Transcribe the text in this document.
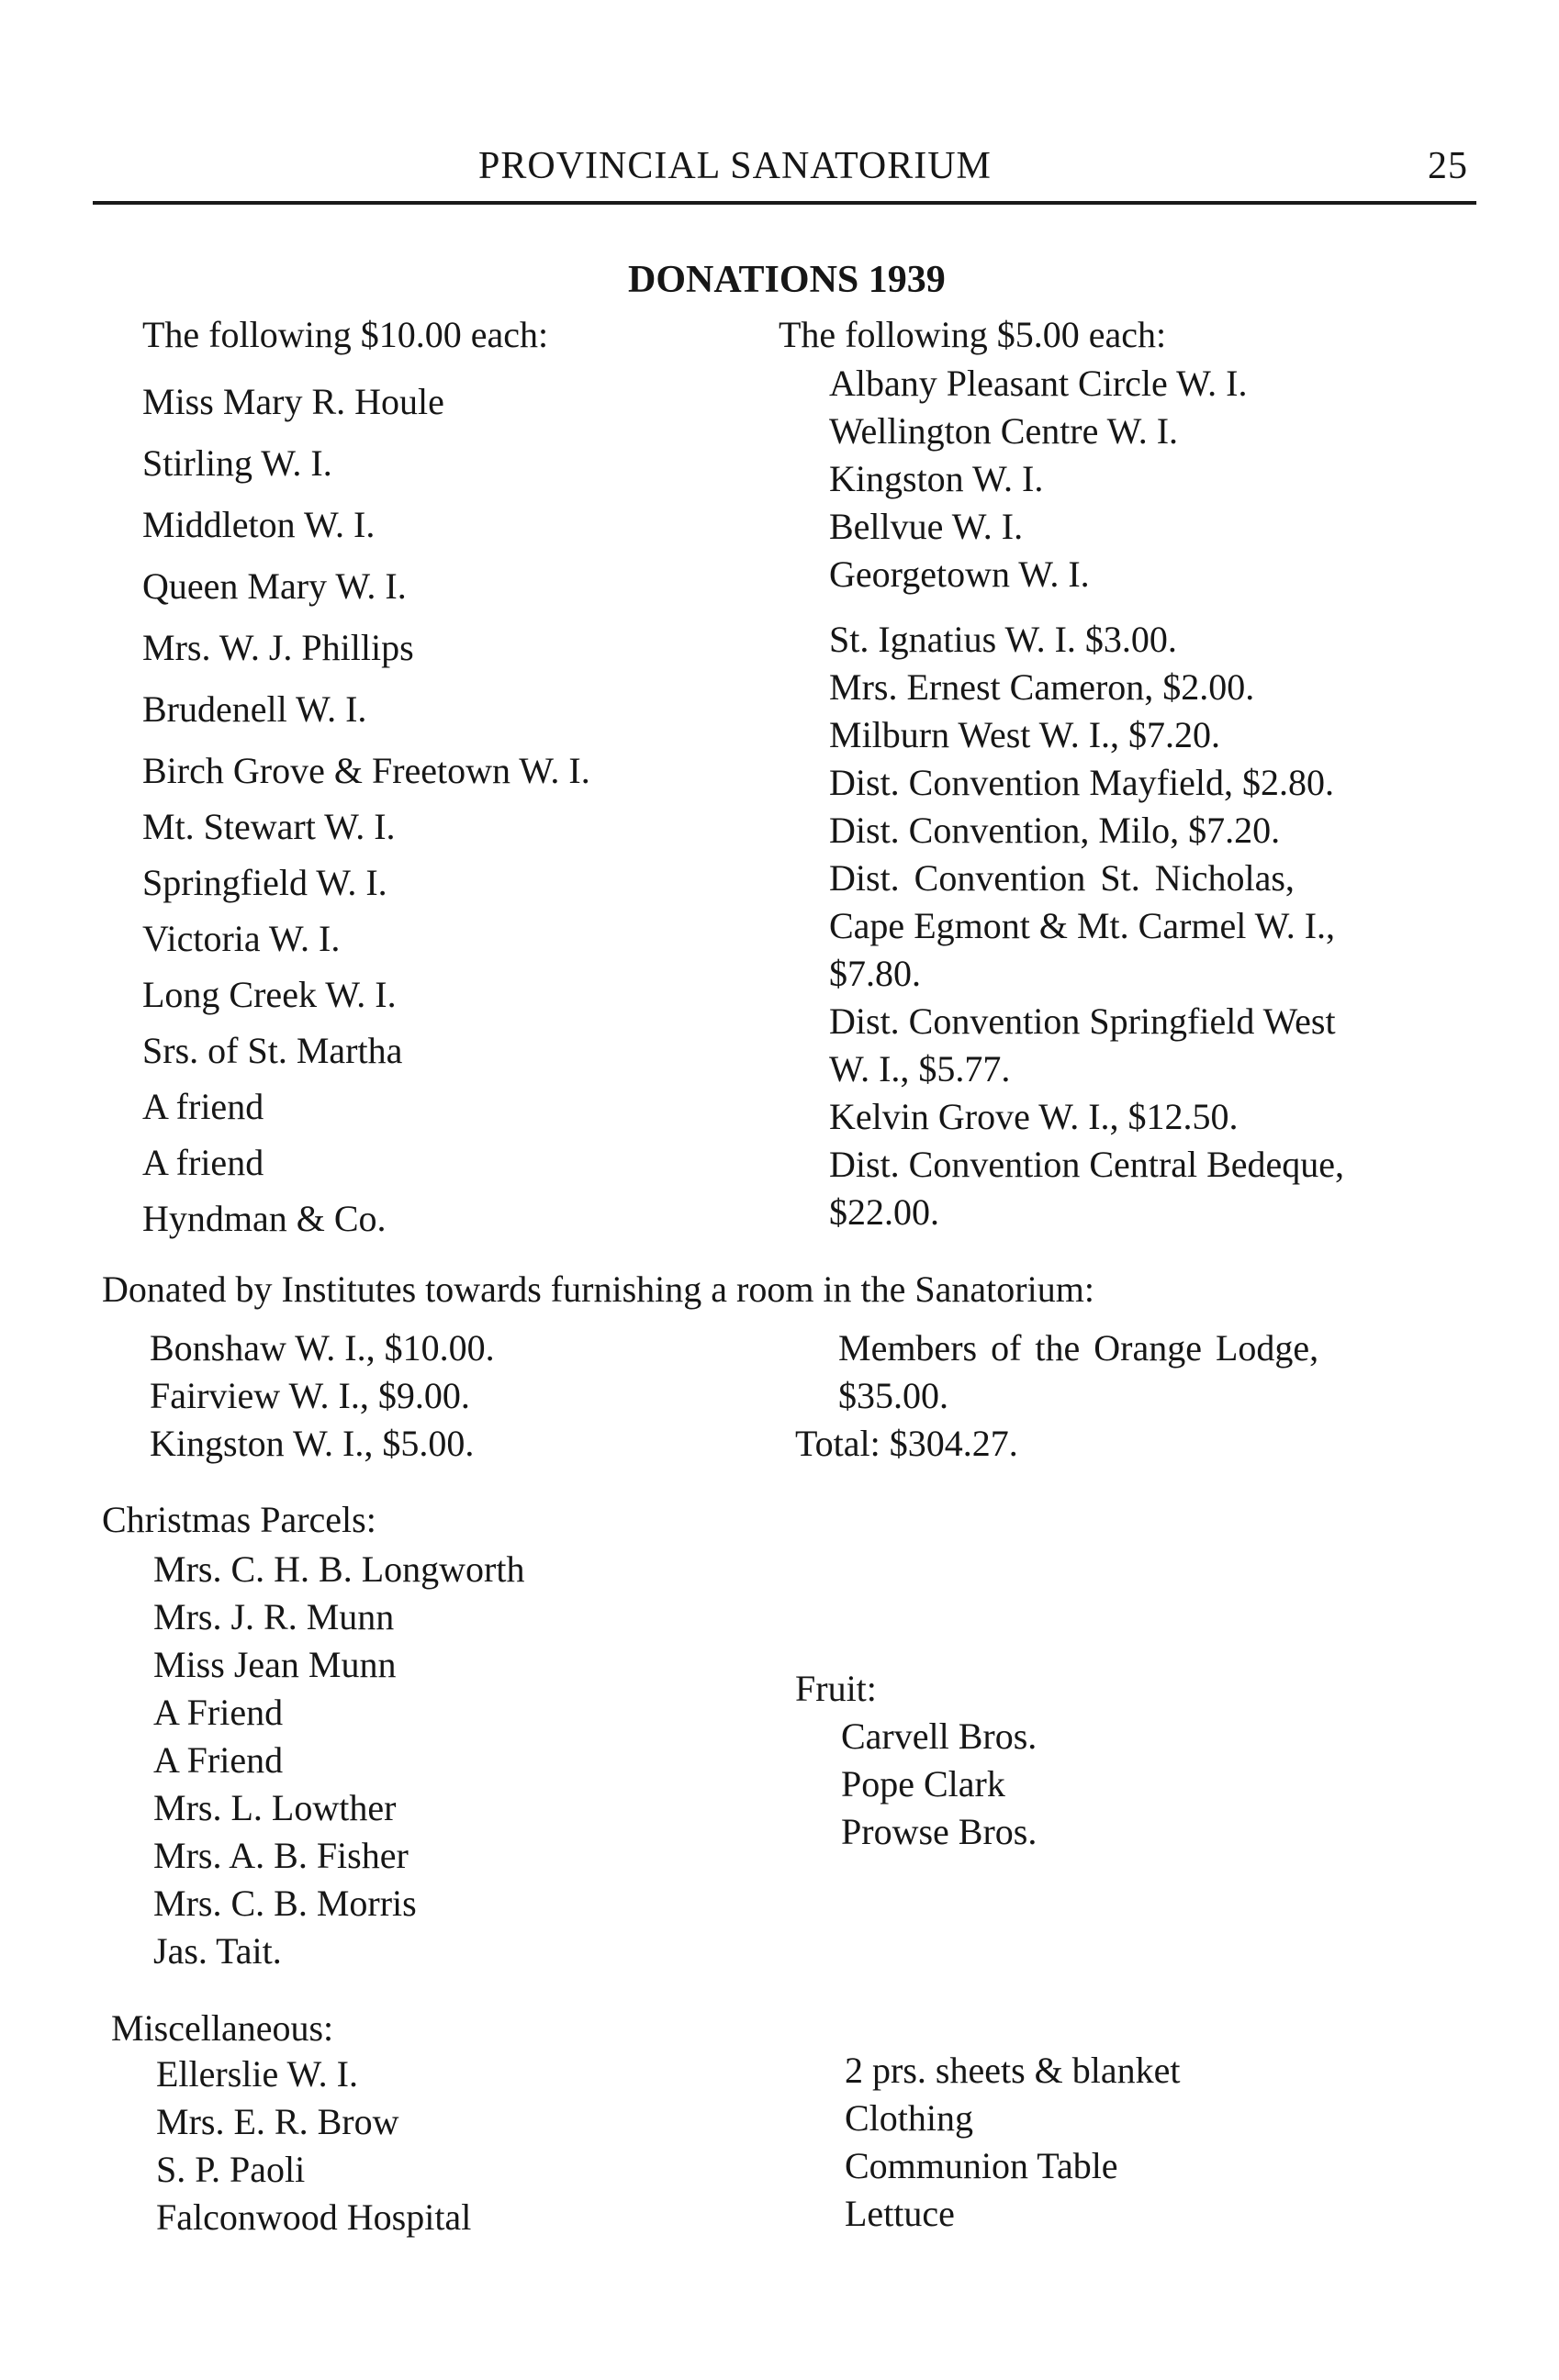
PROVINCIAL SANATORIUM	25
DONATIONS 1939
The following $10.00 each:
Miss Mary R. Houle
Stirling W. I.
Middleton W. I.
Queen Mary W. I.
Mrs. W. J. Phillips
Brudenell W. I.
Birch Grove & Freetown W. I.
Mt. Stewart W. I.
Springfield W. I.
Victoria W. I.
Long Creek W. I.
Srs. of St. Martha
A friend
A friend
Hyndman & Co.
The following $5.00 each:
Albany Pleasant Circle W. I.
Wellington Centre W. I.
Kingston W. I.
Bellvue W. I.
Georgetown W. I.
St. Ignatius W. I. $3.00.
Mrs. Ernest Cameron, $2.00.
Milburn West W. I., $7.20.
Dist. Convention Mayfield, $2.80.
Dist. Convention, Milo, $7.20.
Dist. Convention St. Nicholas,
Cape Egmont & Mt. Carmel W. I.,
$7.80.
Dist. Convention Springfield West
W. I., $5.77.
Kelvin Grove W. I., $12.50.
Dist. Convention Central Bedeque,
$22.00.
Donated by Institutes towards furnishing a room in the Sanatorium:
Bonshaw W. I., $10.00.
Fairview W. I., $9.00.
Kingston W. I., $5.00.
Members of the Orange Lodge,
$35.00.
Total: $304.27.
Christmas Parcels:
Mrs. C. H. B. Longworth
Mrs. J. R. Munn
Miss Jean Munn
A Friend
A Friend
Mrs. L. Lowther
Mrs. A. B. Fisher
Mrs. C. B. Morris
Jas. Tait.
Fruit:
Carvell Bros.
Pope Clark
Prowse Bros.
Miscellaneous:
Ellerslie W. I.
Mrs. E. R. Brow
S. P. Paoli
Falconwood Hospital
2 prs. sheets & blanket
Clothing
Communion Table
Lettuce
